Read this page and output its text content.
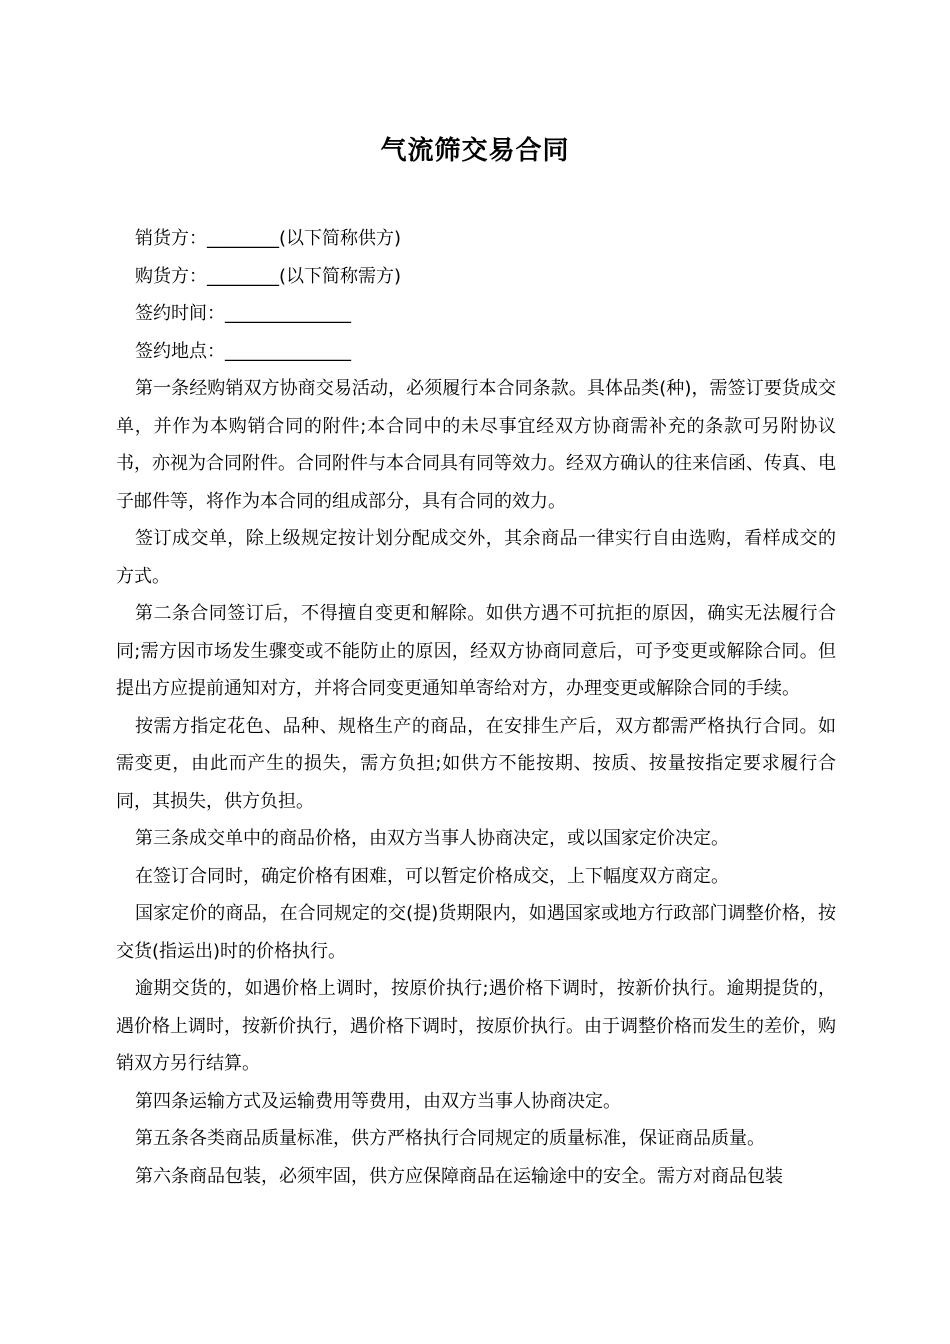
气流筛交易合同

销货方：________(以下简称供方)

购货方：________(以下简称需方)

签约时间：______________

签约地点：______________

第一条经购销双方协商交易活动，必须履行本合同条款。具体品类(种)，需签订要货成交单，并作为本购销合同的附件;本合同中的未尽事宜经双方协商需补充的条款可另附协议书，亦视为合同附件。合同附件与本合同具有同等效力。经双方确认的往来信函、传真、电子邮件等，将作为本合同的组成部分，具有合同的效力。

签订成交单，除上级规定按计划分配成交外，其余商品一律实行自由选购，看样成交的方式。

第二条合同签订后，不得擅自变更和解除。如供方遇不可抗拒的原因，确实无法履行合同;需方因市场发生骤变或不能防止的原因，经双方协商同意后，可予变更或解除合同。但提出方应提前通知对方，并将合同变更通知单寄给对方，办理变更或解除合同的手续。

按需方指定花色、品种、规格生产的商品，在安排生产后，双方都需严格执行合同。如需变更，由此而产生的损失，需方负担;如供方不能按期、按质、按量按指定要求履行合同，其损失，供方负担。

第三条成交单中的商品价格，由双方当事人协商决定，或以国家定价决定。

在签订合同时，确定价格有困难，可以暂定价格成交，上下幅度双方商定。

国家定价的商品，在合同规定的交(提)货期限内，如遇国家或地方行政部门调整价格，按交货(指运出)时的价格执行。

逾期交货的，如遇价格上调时，按原价执行;遇价格下调时，按新价执行。逾期提货的，遇价格上调时，按新价执行，遇价格下调时，按原价执行。由于调整价格而发生的差价，购销双方另行结算。

第四条运输方式及运输费用等费用，由双方当事人协商决定。

第五条各类商品质量标准，供方严格执行合同规定的质量标准，保证商品质量。

第六条商品包装，必须牢固，供方应保障商品在运输途中的安全。需方对商品包装
